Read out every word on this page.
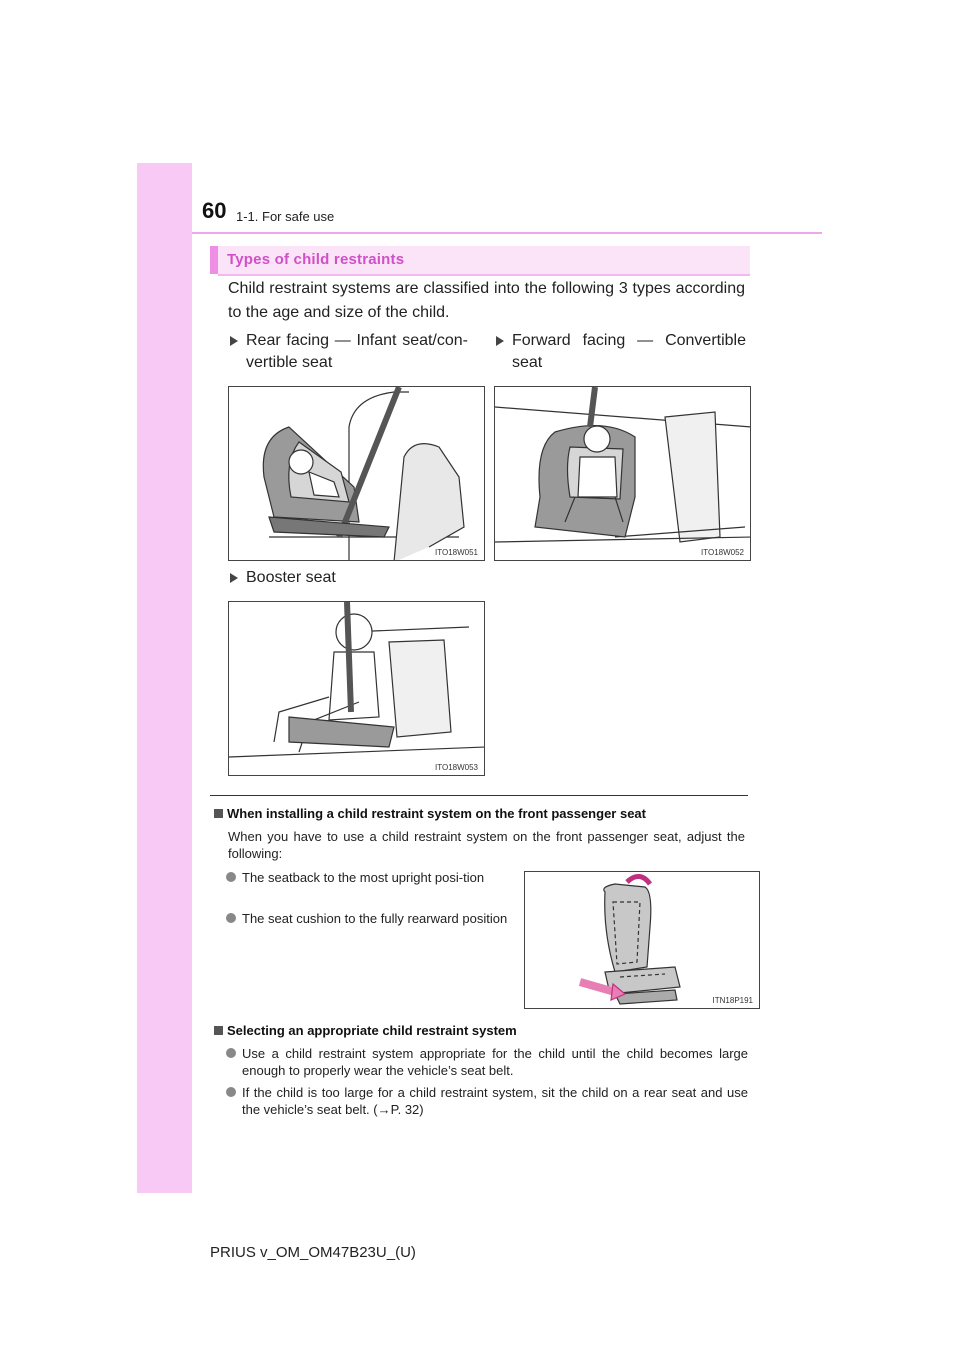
60 1-1. For safe use
Types of child restraints
Child restraint systems are classified into the following 3 types according to the age and size of the child.
Rear facing — Infant seat/con-vertible seat
Forward facing — Convertible seat
ITO18W051	ITO18W052
Booster seat
ITO18W053
When installing a child restraint system on the front passenger seat
When you have to use a child restraint system on the front passenger seat, adjust the following:
The seatback to the most upright posi-tion
The seat cushion to the fully rearward position
ITN18P191
Selecting an appropriate child restraint system
Use a child restraint system appropriate for the child until the child becomes large enough to properly wear the vehicle’s seat belt.
If the child is too large for a child restraint system, sit the child on a rear seat and use the vehicle’s seat belt. (→P. 32)
PRIUS v_OM_OM47B23U_(U)
